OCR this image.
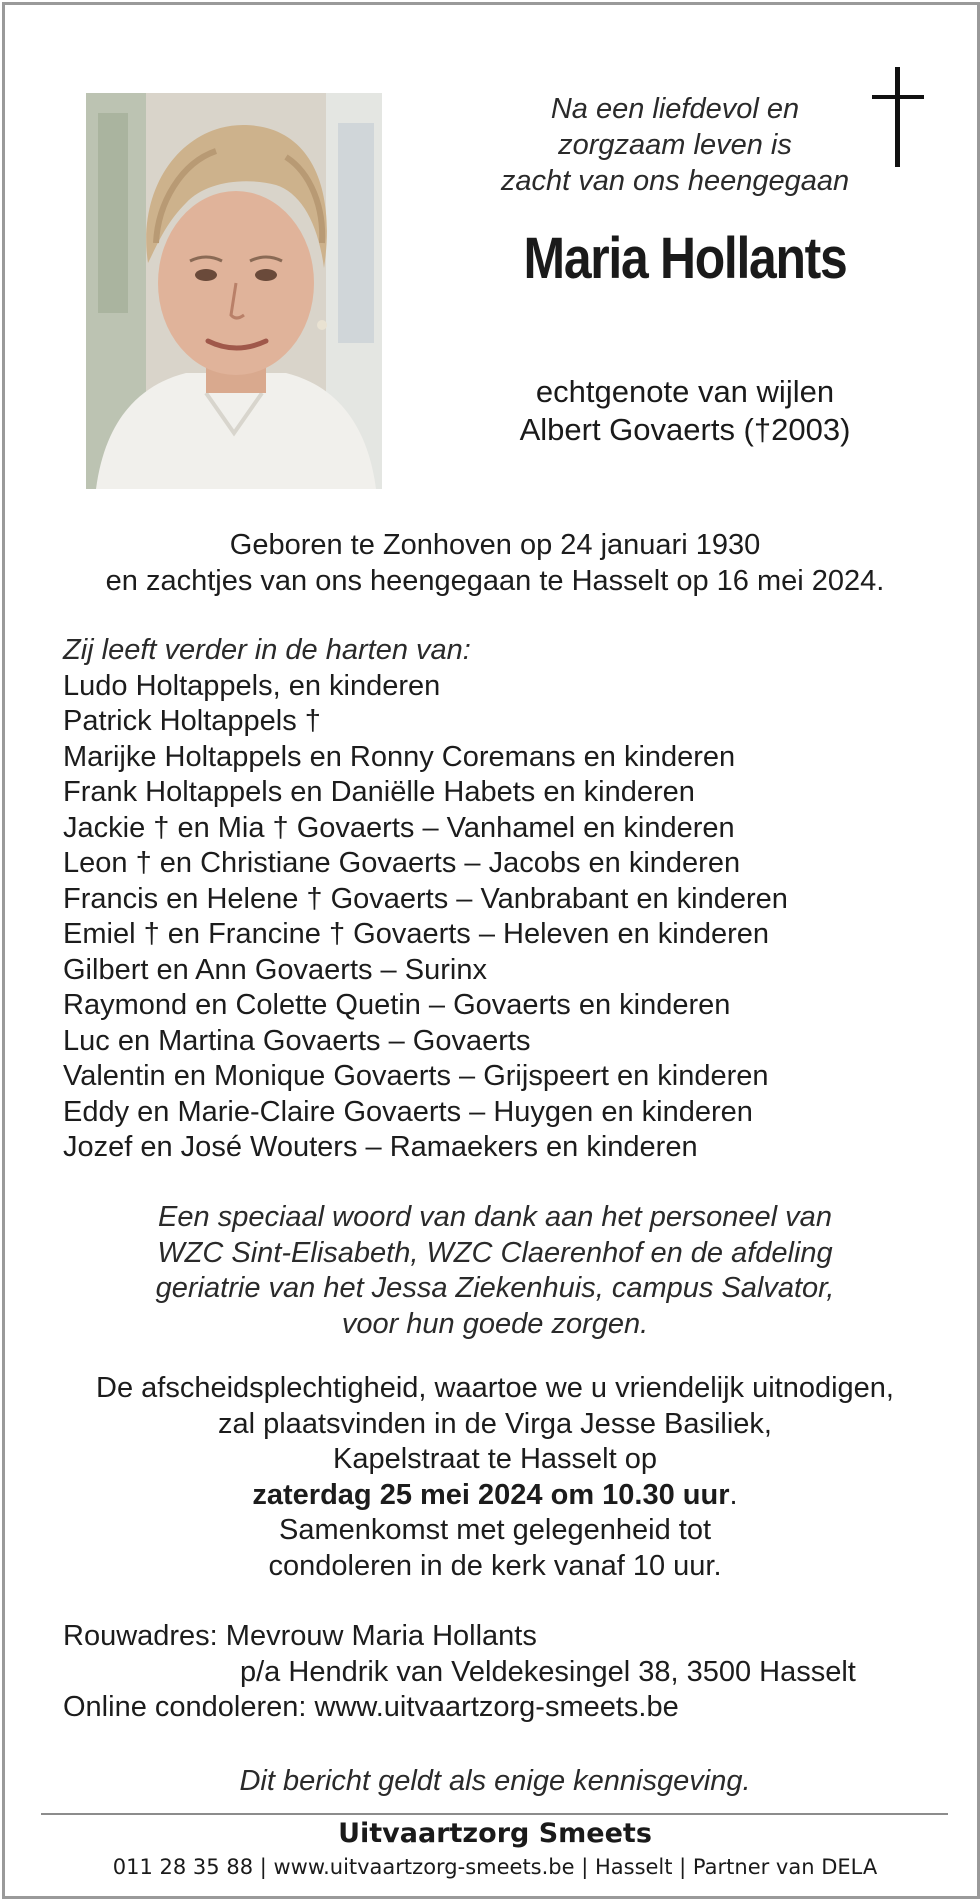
Na een liefdevol en
zorgzaam leven is
zacht van ons heengegaan
Maria Hollants
echtgenote van wijlen
Albert Govaerts (†2003)
Geboren te Zonhoven op 24 januari 1930
en zachtjes van ons heengegaan te Hasselt op 16 mei 2024.
Zij leeft verder in de harten van:
Ludo Holtappels, en kinderen
Patrick Holtappels †
Marijke Holtappels en Ronny Coremans en kinderen
Frank Holtappels en Daniëlle Habets en kinderen
Jackie † en Mia † Govaerts – Vanhamel en kinderen
Leon † en Christiane Govaerts – Jacobs en kinderen
Francis en Helene † Govaerts – Vanbrabant en kinderen
Emiel † en Francine † Govaerts – Heleven en kinderen
Gilbert en Ann Govaerts – Surinx
Raymond en Colette Quetin – Govaerts en kinderen
Luc en Martina Govaerts – Govaerts
Valentin en Monique Govaerts – Grijspeert en kinderen
Eddy en Marie-Claire Govaerts – Huygen en kinderen
Jozef en José Wouters – Ramaekers en kinderen
Een speciaal woord van dank aan het personeel van
WZC Sint-Elisabeth, WZC Claerenhof en de afdeling
geriatrie van het Jessa Ziekenhuis, campus Salvator,
voor hun goede zorgen.
De afscheidsplechtigheid, waartoe we u vriendelijk uitnodigen,
zal plaatsvinden in de Virga Jesse Basiliek,
Kapelstraat te Hasselt op
zaterdag 25 mei 2024 om 10.30 uur.
Samenkomst met gelegenheid tot
condoleren in de kerk vanaf 10 uur.
Rouwadres: Mevrouw Maria Hollants
p/a Hendrik van Veldekesingel 38, 3500 Hasselt
Online condoleren: www.uitvaartzorg-smeets.be
Dit bericht geldt als enige kennisgeving.
Uitvaartzorg Smeets
011 28 35 88 | www.uitvaartzorg-smeets.be | Hasselt | Partner van DELA
